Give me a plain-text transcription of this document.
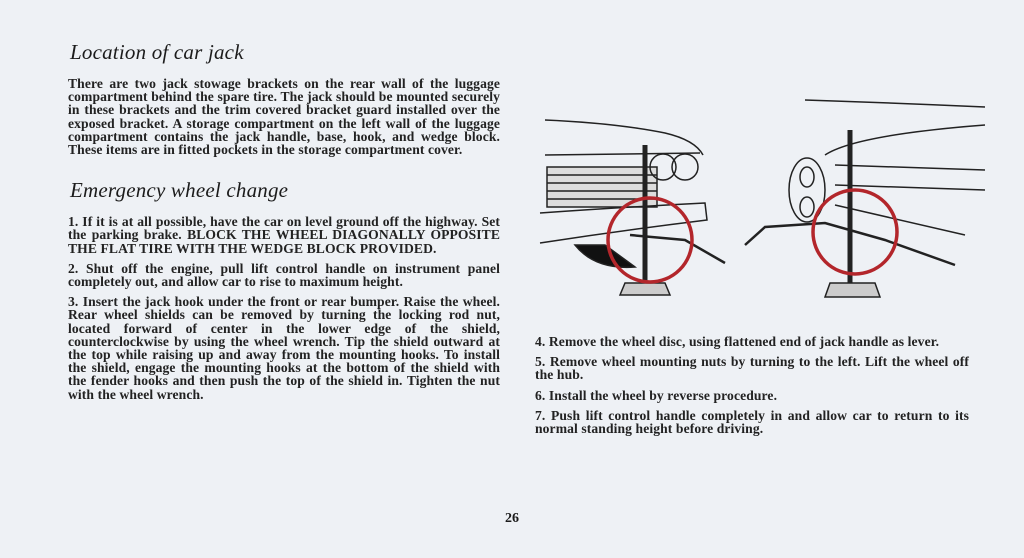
Location of car jack

There are two jack stowage brackets on the rear wall of the luggage compartment behind the spare tire. The jack should be mounted securely in these brackets and the trim covered bracket guard installed over the exposed bracket. A storage compartment on the left wall of the luggage compartment contains the jack handle, base, hook, and wedge block. These items are in fitted pockets in the storage compartment cover.

Emergency wheel change

1. If it is at all possible, have the car on level ground off the highway. Set the parking brake. BLOCK THE WHEEL DIAGONALLY OPPOSITE THE FLAT TIRE WITH THE WEDGE BLOCK PROVIDED.

2. Shut off the engine, pull lift control handle on instrument panel completely out, and allow car to rise to maximum height.

3. Insert the jack hook under the front or rear bumper. Raise the wheel. Rear wheel shields can be removed by turning the locking rod nut, located forward of center in the lower edge of the shield, counterclockwise by using the wheel wrench. Tip the shield outward at the top while raising up and away from the mounting hooks. To install the shield, engage the mounting hooks at the bottom of the shield with the fender hooks and then push the top of the shield in. Tighten the nut with the wheel wrench.

4. Remove the wheel disc, using flattened end of jack handle as lever.

5. Remove wheel mounting nuts by turning to the left. Lift the wheel off the hub.

6. Install the wheel by reverse procedure.

7. Push lift control handle completely in and allow car to return to its normal standing height before driving.

26
